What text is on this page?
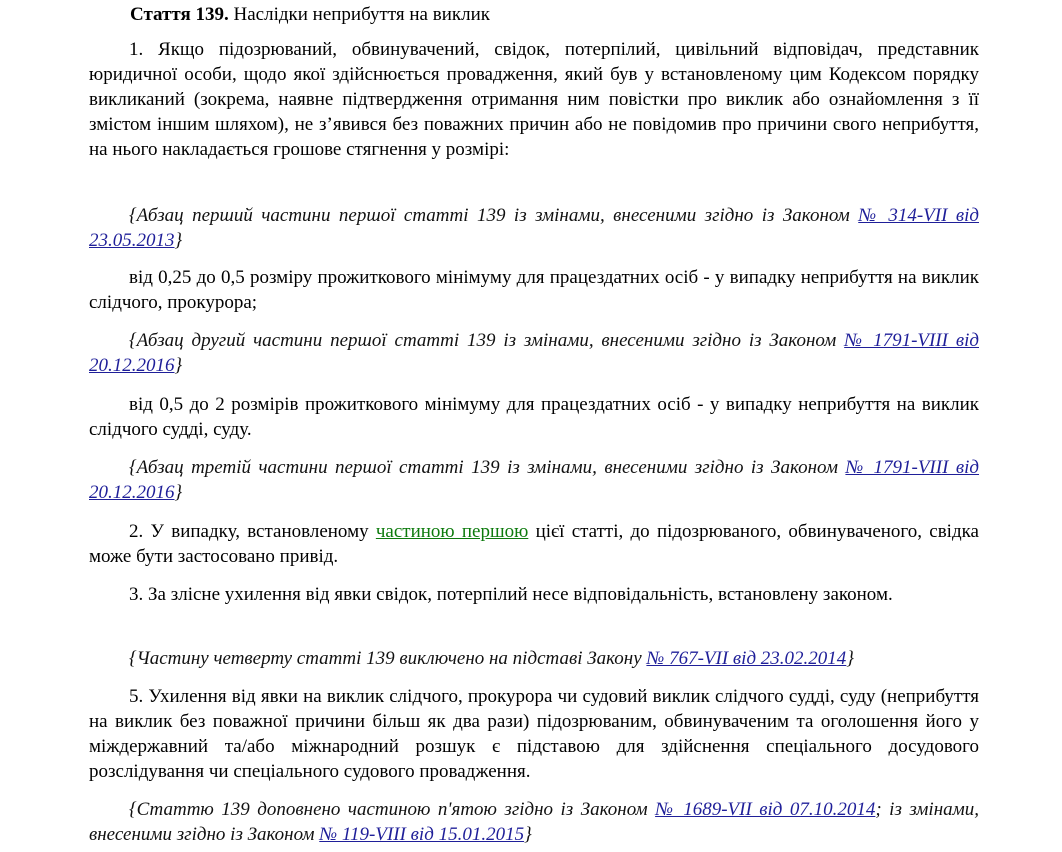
Стаття 139. Наслідки неприбуття на виклик
1. Якщо підозрюваний, обвинувачений, свідок, потерпілий, цивільний відповідач, представник юридичної особи, щодо якої здійснюється провадження, який був у встановленому цим Кодексом порядку викликаний (зокрема, наявне підтвердження отримання ним повістки про виклик або ознайомлення з її змістом іншим шляхом), не з’явився без поважних причин або не повідомив про причини свого неприбуття, на нього накладається грошове стягнення у розмірі:
{Абзац перший частини першої статті 139 із змінами, внесеними згідно із Законом № 314-VII від 23.05.2013}
від 0,25 до 0,5 розміру прожиткового мінімуму для працездатних осіб - у випадку неприбуття на виклик слідчого, прокурора;
{Абзац другий частини першої статті 139 із змінами, внесеними згідно із Законом № 1791-VIII від 20.12.2016}
від 0,5 до 2 розмірів прожиткового мінімуму для працездатних осіб - у випадку неприбуття на виклик слідчого судді, суду.
{Абзац третій частини першої статті 139 із змінами, внесеними згідно із Законом № 1791-VIII від 20.12.2016}
2. У випадку, встановленому частиною першою цієї статті, до підозрюваного, обвинуваченого, свідка може бути застосовано привід.
3. За злісне ухилення від явки свідок, потерпілий несе відповідальність, встановлену законом.
{Частину четверту статті 139 виключено на підставі Закону № 767-VII від 23.02.2014}
5. Ухилення від явки на виклик слідчого, прокурора чи судовий виклик слідчого судді, суду (неприбуття на виклик без поважної причини більш як два рази) підозрюваним, обвинуваченим та оголошення його у міждержавний та/або міжнародний розшук є підставою для здійснення спеціального досудового розслідування чи спеціального судового провадження.
{Статтю 139 доповнено частиною п'ятою згідно із Законом № 1689-VII від 07.10.2014; із змінами, внесеними згідно із Законом № 119-VIII від 15.01.2015}
